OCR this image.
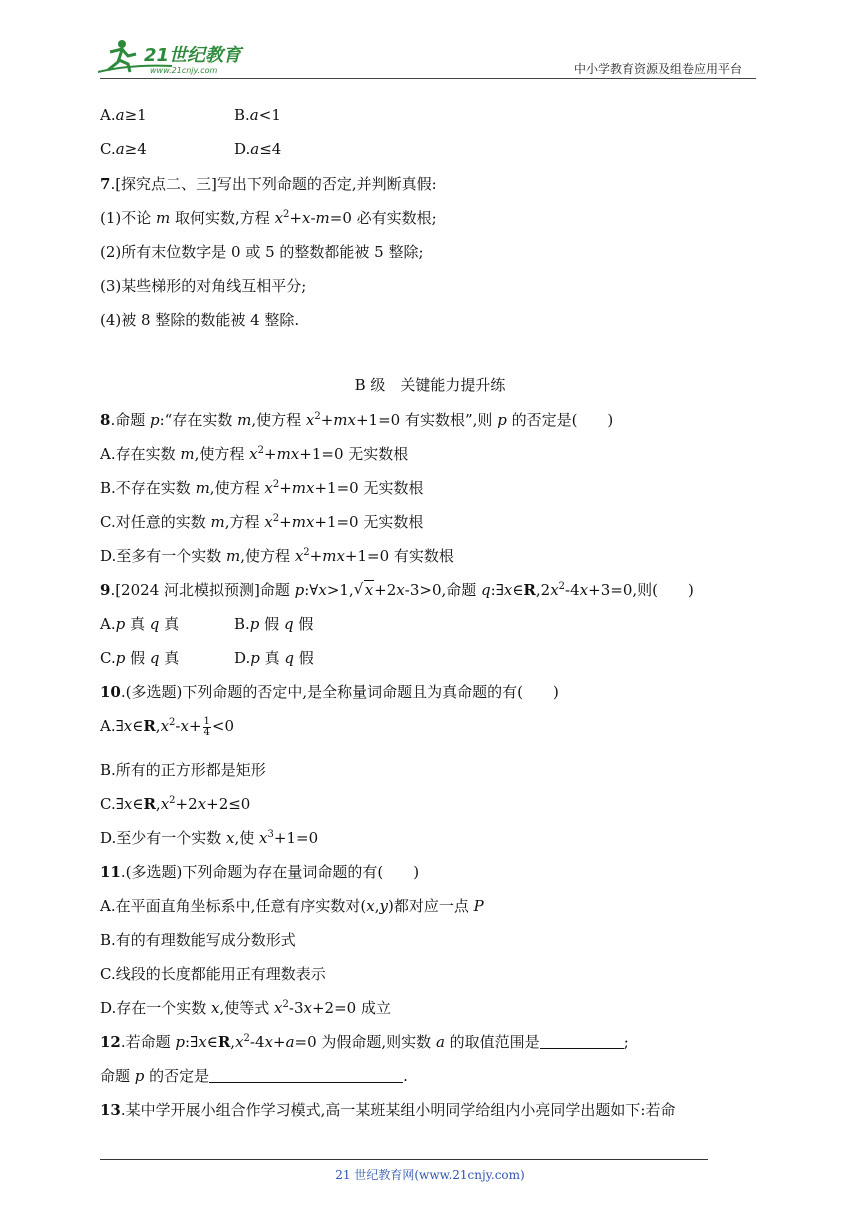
21世纪教育
www.21cnjy.com	中小学教育资源及组卷应用平台
A.a≥1	B.a<1
C.a≥4	D.a≤4
7.[探究点二、三]写出下列命题的否定,并判断真假:
(1)不论 m 取何实数,方程 $x^2+x-m=0$ 必有实数根;
(2)所有末位数字是 0 或 5 的整数都能被 5 整除;
(3)某些梯形的对角线互相平分;
(4)被 8 整除的数能被 4 整除.
B 级　关键能力提升练
8.命题 p:“存在实数 m,使方程 $x^2+mx+1=0$ 有实数根”,则 p 的否定是(　　)
A.存在实数 m,使方程 $x^2+mx+1=0$ 无实数根
B.不存在实数 m,使方程 $x^2+mx+1=0$ 无实数根
C.对任意的实数 m,方程 $x^2+mx+1=0$ 无实数根
D.至多有一个实数 m,使方程 $x^2+mx+1=0$ 有实数根
9.[2024 河北模拟预测]命题 p:∀x>1,√ x+2x-3>0,命题 $q:\exists x\in R,2x^2-4x+3=0$,则(　　)
A.p 真 q 真	B.p 假 q 假
C.p 假 q 真	D.p 真 q 假
10.(多选题)下列命题的否定中,是全称量词命题且为真命题的有(　　)
$A.\exists x\in R,x^2-x+ \frac{1}{4} <0$
B.所有的正方形都是矩形
$C.\exists x\in R,x^2+2x+2\le 0$
D.至少有一个实数 x,使 $x^3+1=0$
11.(多选题)下列命题为存在量词命题的有(　　)
A.在平面直角坐标系中,任意有序实数对(x,y)都对应一点 P
B.有的有理数能写成分数形式
C.线段的长度都能用正有理数表示
D.存在一个实数 x,使等式 $x^2-3x+2=0$ 成立
12.若命题 $p:\exists x\in R,x^2-4x+a=0$ 为假命题,则实数 a 的取值范围是	;
命题 p 的否定是	.
13.某中学开展小组合作学习模式,高一某班某组小明同学给组内小亮同学出题如下:若命
21 世纪教育网(www.21cnjy.com)
